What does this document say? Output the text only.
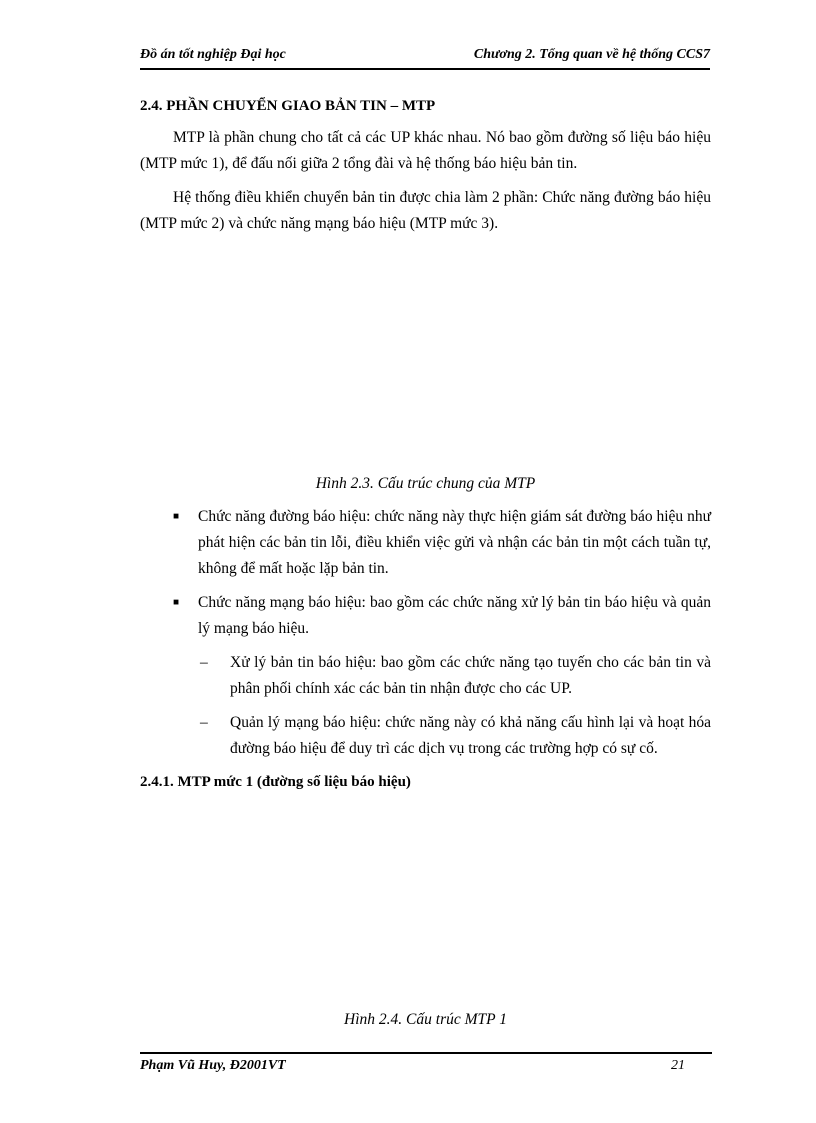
Đồ án tốt nghiệp Đại học	Chương 2. Tổng quan về hệ thống CCS7
2.4. PHẦN CHUYỂN GIAO BẢN TIN – MTP

MTP là phần chung cho tất cả các UP khác nhau. Nó bao gồm đường số liệu báo hiệu (MTP mức 1), để đấu nối giữa 2 tổng đài và hệ thống báo hiệu bản tin.

Hệ thống điều khiển chuyển bản tin được chia làm 2 phần: Chức năng đường báo hiệu (MTP mức 2) và chức năng mạng báo hiệu (MTP mức 3).

Hình 2.3. Cấu trúc chung của MTP
■ Chức năng đường báo hiệu: chức năng này thực hiện giám sát đường báo hiệu như phát hiện các bản tin lỗi, điều khiển việc gửi và nhận các bản tin một cách tuần tự, không để mất hoặc lặp bản tin.
■ Chức năng mạng báo hiệu: bao gồm các chức năng xử lý bản tin báo hiệu và quản lý mạng báo hiệu.
– Xử lý bản tin báo hiệu: bao gồm các chức năng tạo tuyến cho các bản tin và phân phối chính xác các bản tin nhận được cho các UP.
– Quản lý mạng báo hiệu: chức năng này có khả năng cấu hình lại và hoạt hóa đường báo hiệu để duy trì các dịch vụ trong các trường hợp có sự cố.
2.4.1. MTP mức 1 (đường số liệu báo hiệu)
Hình 2.4. Cấu trúc MTP 1
Phạm Vũ Huy, Đ2001VT	21
